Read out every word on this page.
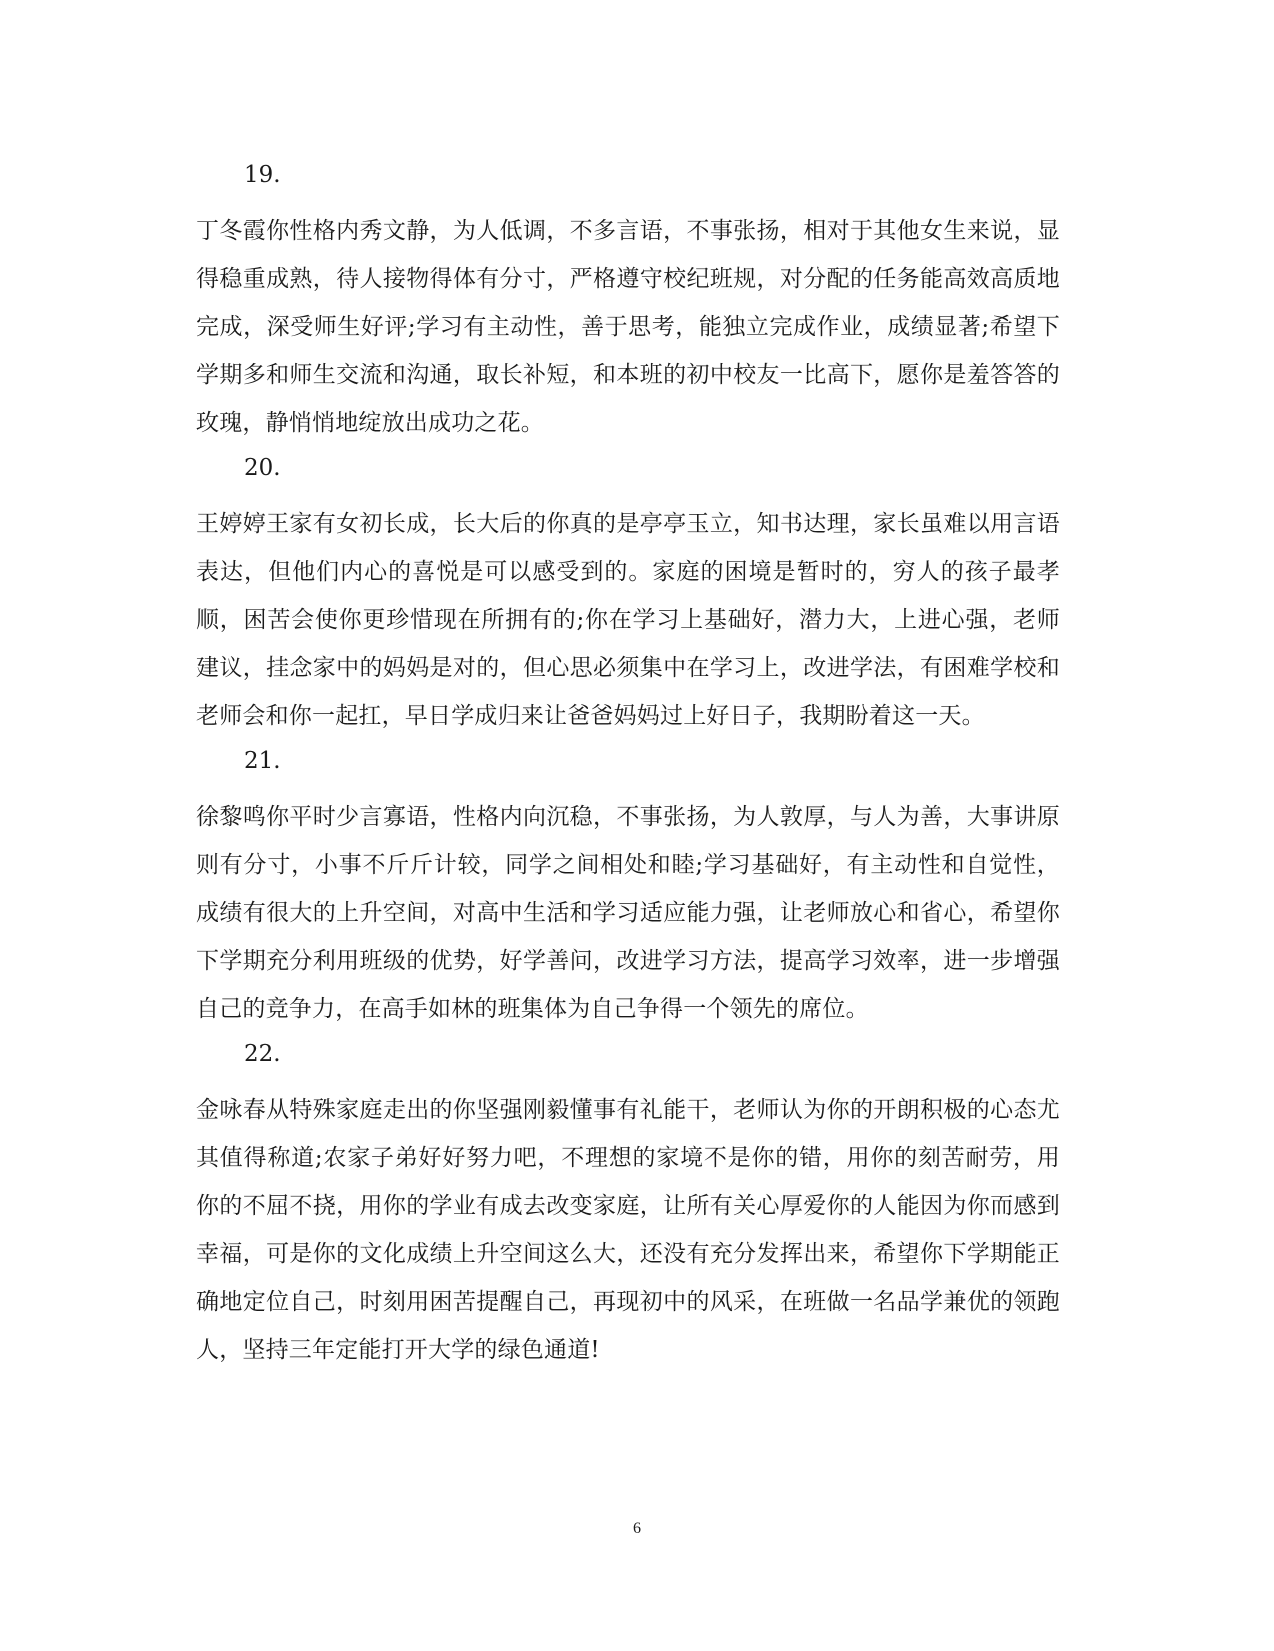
19.

丁冬霞你性格内秀文静，为人低调，不多言语，不事张扬，相对于其他女生来说，显得稳重成熟，待人接物得体有分寸，严格遵守校纪班规，对分配的任务能高效高质地完成，深受师生好评;学习有主动性，善于思考，能独立完成作业，成绩显著;希望下学期多和师生交流和沟通，取长补短，和本班的初中校友一比高下，愿你是羞答答的玫瑰，静悄悄地绽放出成功之花。

20.

王婷婷王家有女初长成，长大后的你真的是亭亭玉立，知书达理，家长虽难以用言语表达，但他们内心的喜悦是可以感受到的。家庭的困境是暂时的，穷人的孩子最孝顺，困苦会使你更珍惜现在所拥有的;你在学习上基础好，潜力大，上进心强，老师建议，挂念家中的妈妈是对的，但心思必须集中在学习上，改进学法，有困难学校和老师会和你一起扛，早日学成归来让爸爸妈妈过上好日子，我期盼着这一天。

21.

徐黎鸣你平时少言寡语，性格内向沉稳，不事张扬，为人敦厚，与人为善，大事讲原则有分寸，小事不斤斤计较，同学之间相处和睦;学习基础好，有主动性和自觉性，成绩有很大的上升空间，对高中生活和学习适应能力强，让老师放心和省心，希望你下学期充分利用班级的优势，好学善问，改进学习方法，提高学习效率，进一步增强自己的竞争力，在高手如林的班集体为自己争得一个领先的席位。

22.

金咏春从特殊家庭走出的你坚强刚毅懂事有礼能干，老师认为你的开朗积极的心态尤其值得称道;农家子弟好好努力吧，不理想的家境不是你的错，用你的刻苦耐劳，用你的不屈不挠，用你的学业有成去改变家庭，让所有关心厚爱你的人能因为你而感到幸福，可是你的文化成绩上升空间这么大，还没有充分发挥出来，希望你下学期能正确地定位自己，时刻用困苦提醒自己，再现初中的风采，在班做一名品学兼优的领跑人，坚持三年定能打开大学的绿色通道!

6
